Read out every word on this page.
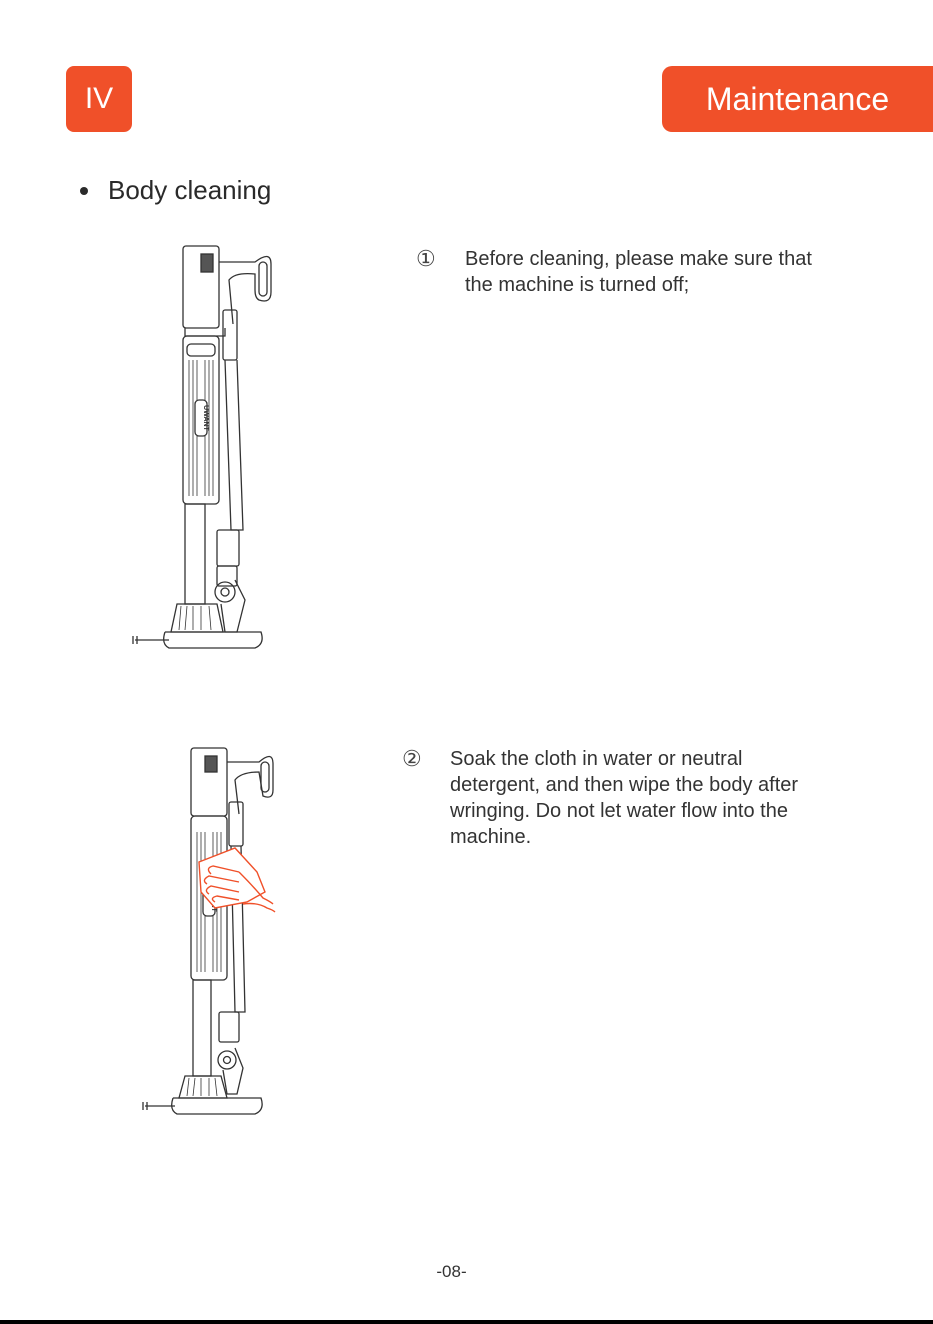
IV	Maintenance
Body cleaning
① Before cleaning, please make sure that
the machine is turned off;
② Soak the cloth in water or neutral
detergent, and then wipe the body after
wringing. Do not let water flow into the
machine.
UWANT
-08-
